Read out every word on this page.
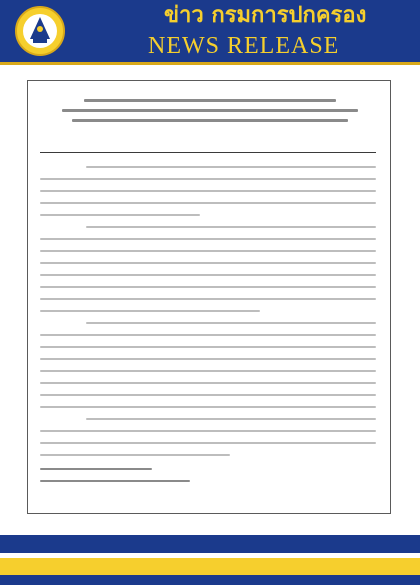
ข่าว กรมการปกครอง
NEWS RELEASE
